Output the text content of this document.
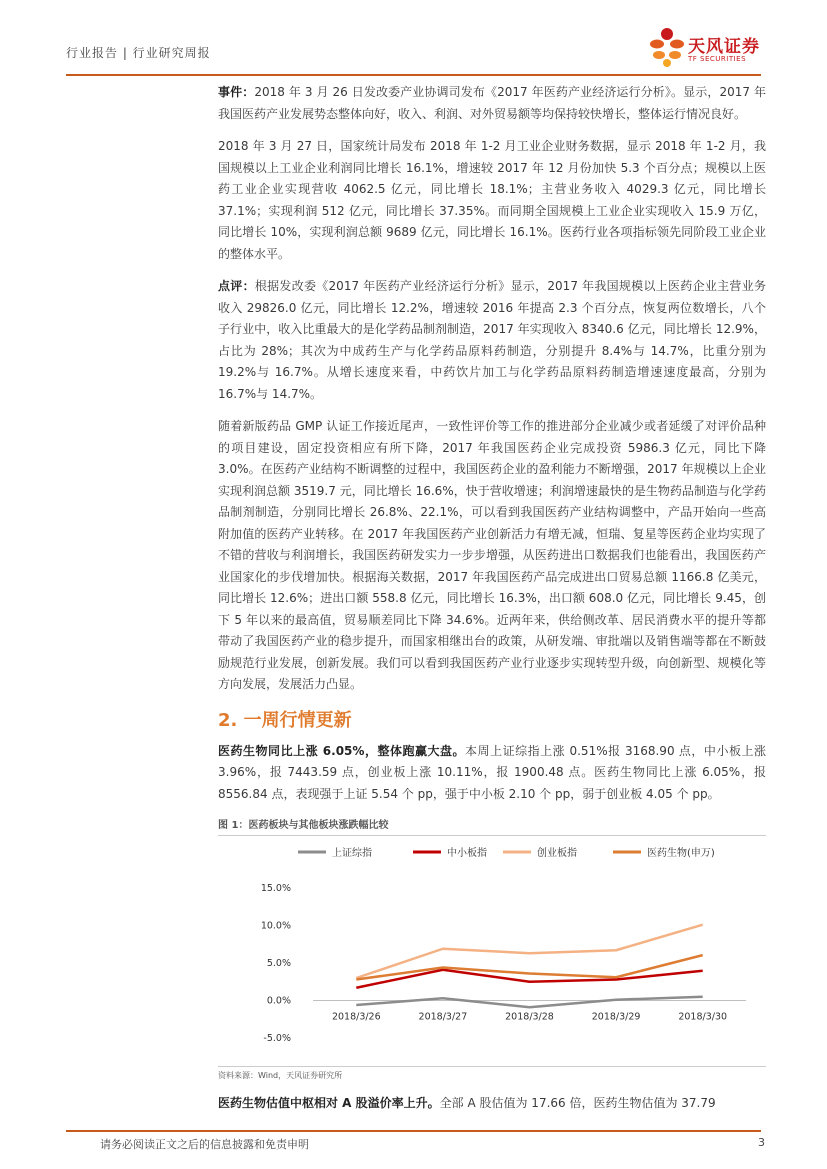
行业报告 | 行业研究周报	天风证券
TF SECURITIES

事件：2018 年 3 月 26 日发改委产业协调司发布《2017 年医药产业经济运行分析》。显示，2017 年我国医药产业发展势态整体向好，收入、利润、对外贸易额等均保持较快增长，整体运行情况良好。

2018 年 3 月 27 日，国家统计局发布 2018 年 1-2 月工业企业财务数据，显示 2018 年 1-2 月，我国规模以上工业企业利润同比增长 16.1%，增速较 2017 年 12 月份加快 5.3 个百分点；规模以上医药工业企业实现营收 4062.5 亿元，同比增长 18.1%；主营业务收入 4029.3 亿元，同比增长 37.1%；实现利润 512 亿元，同比增长 37.35%。而同期全国规模上工业企业实现收入 15.9 万亿，同比增长 10%，实现利润总额 9689 亿元，同比增长 16.1%。医药行业各项指标领先同阶段工业企业的整体水平。

点评：根据发改委《2017 年医药产业经济运行分析》显示，2017 年我国规模以上医药企业主营业务收入 29826.0 亿元，同比增长 12.2%，增速较 2016 年提高 2.3 个百分点，恢复两位数增长，八个子行业中，收入比重最大的是化学药品制剂制造，2017 年实现收入 8340.6 亿元，同比增长 12.9%，占比为 28%；其次为中成药生产与化学药品原料药制造，分别提升 8.4%与 14.7%，比重分别为 19.2%与 16.7%。从增长速度来看，中药饮片加工与化学药品原料药制造增速速度最高，分别为 16.7%与 14.7%。

随着新版药品 GMP 认证工作接近尾声，一致性评价等工作的推进部分企业减少或者延缓了对评价品种的项目建设，固定投资相应有所下降，2017 年我国医药企业完成投资 5986.3 亿元，同比下降 3.0%。在医药产业结构不断调整的过程中，我国医药企业的盈利能力不断增强，2017 年规模以上企业实现利润总额 3519.7 元，同比增长 16.6%，快于营收增速；利润增速最快的是生物药品制造与化学药品制剂制造，分别同比增长 26.8%、22.1%，可以看到我国医药产业结构调整中，产品开始向一些高附加值的医药产业转移。在 2017 年我国医药产业创新活力有增无减，恒瑞、复星等医药企业均实现了不错的营收与利润增长，我国医药研发实力一步步增强，从医药进出口数据我们也能看出，我国医药产业国家化的步伐增加快。根据海关数据，2017 年我国医药产品完成进出口贸易总额 1166.8 亿美元，同比增长 12.6%；进出口额 558.8 亿元，同比增长 16.3%，出口额 608.0 亿元，同比增长 9.45，创下 5 年以来的最高值，贸易顺差同比下降 34.6%。近两年来，供给侧改革、居民消费水平的提升等都带动了我国医药产业的稳步提升，而国家相继出台的政策，从研发端、审批端以及销售端等都在不断鼓励规范行业发展，创新发展。我们可以看到我国医药产业行业逐步实现转型升级，向创新型、规模化等方向发展，发展活力凸显。

2. 一周行情更新

医药生物同比上涨 6.05%，整体跑赢大盘。本周上证综指上涨 0.51%报 3168.90 点，中小板上涨 3.96%，报 7443.59 点，创业板上涨 10.11%，报 1900.48 点。医药生物同比上涨 6.05%，报 8556.84 点，表现强于上证 5.54 个 pp，强于中小板 2.10 个 pp，弱于创业板 4.05 个 pp。

图 1：医药板块与其他板块涨跌幅比较
上证综指	中小板指	创业板指	医药生物(申万)
15.0%
10.0%
5.0%
0.0%
-5.0%
2018/3/26	2018/3/27	2018/3/28	2018/3/29	2018/3/30
资料来源：Wind，天风证券研究所

医药生物估值中枢相对 A 股溢价率上升。全部 A 股估值为 17.66 倍，医药生物估值为 37.79

请务必阅读正文之后的信息披露和免责申明	3
